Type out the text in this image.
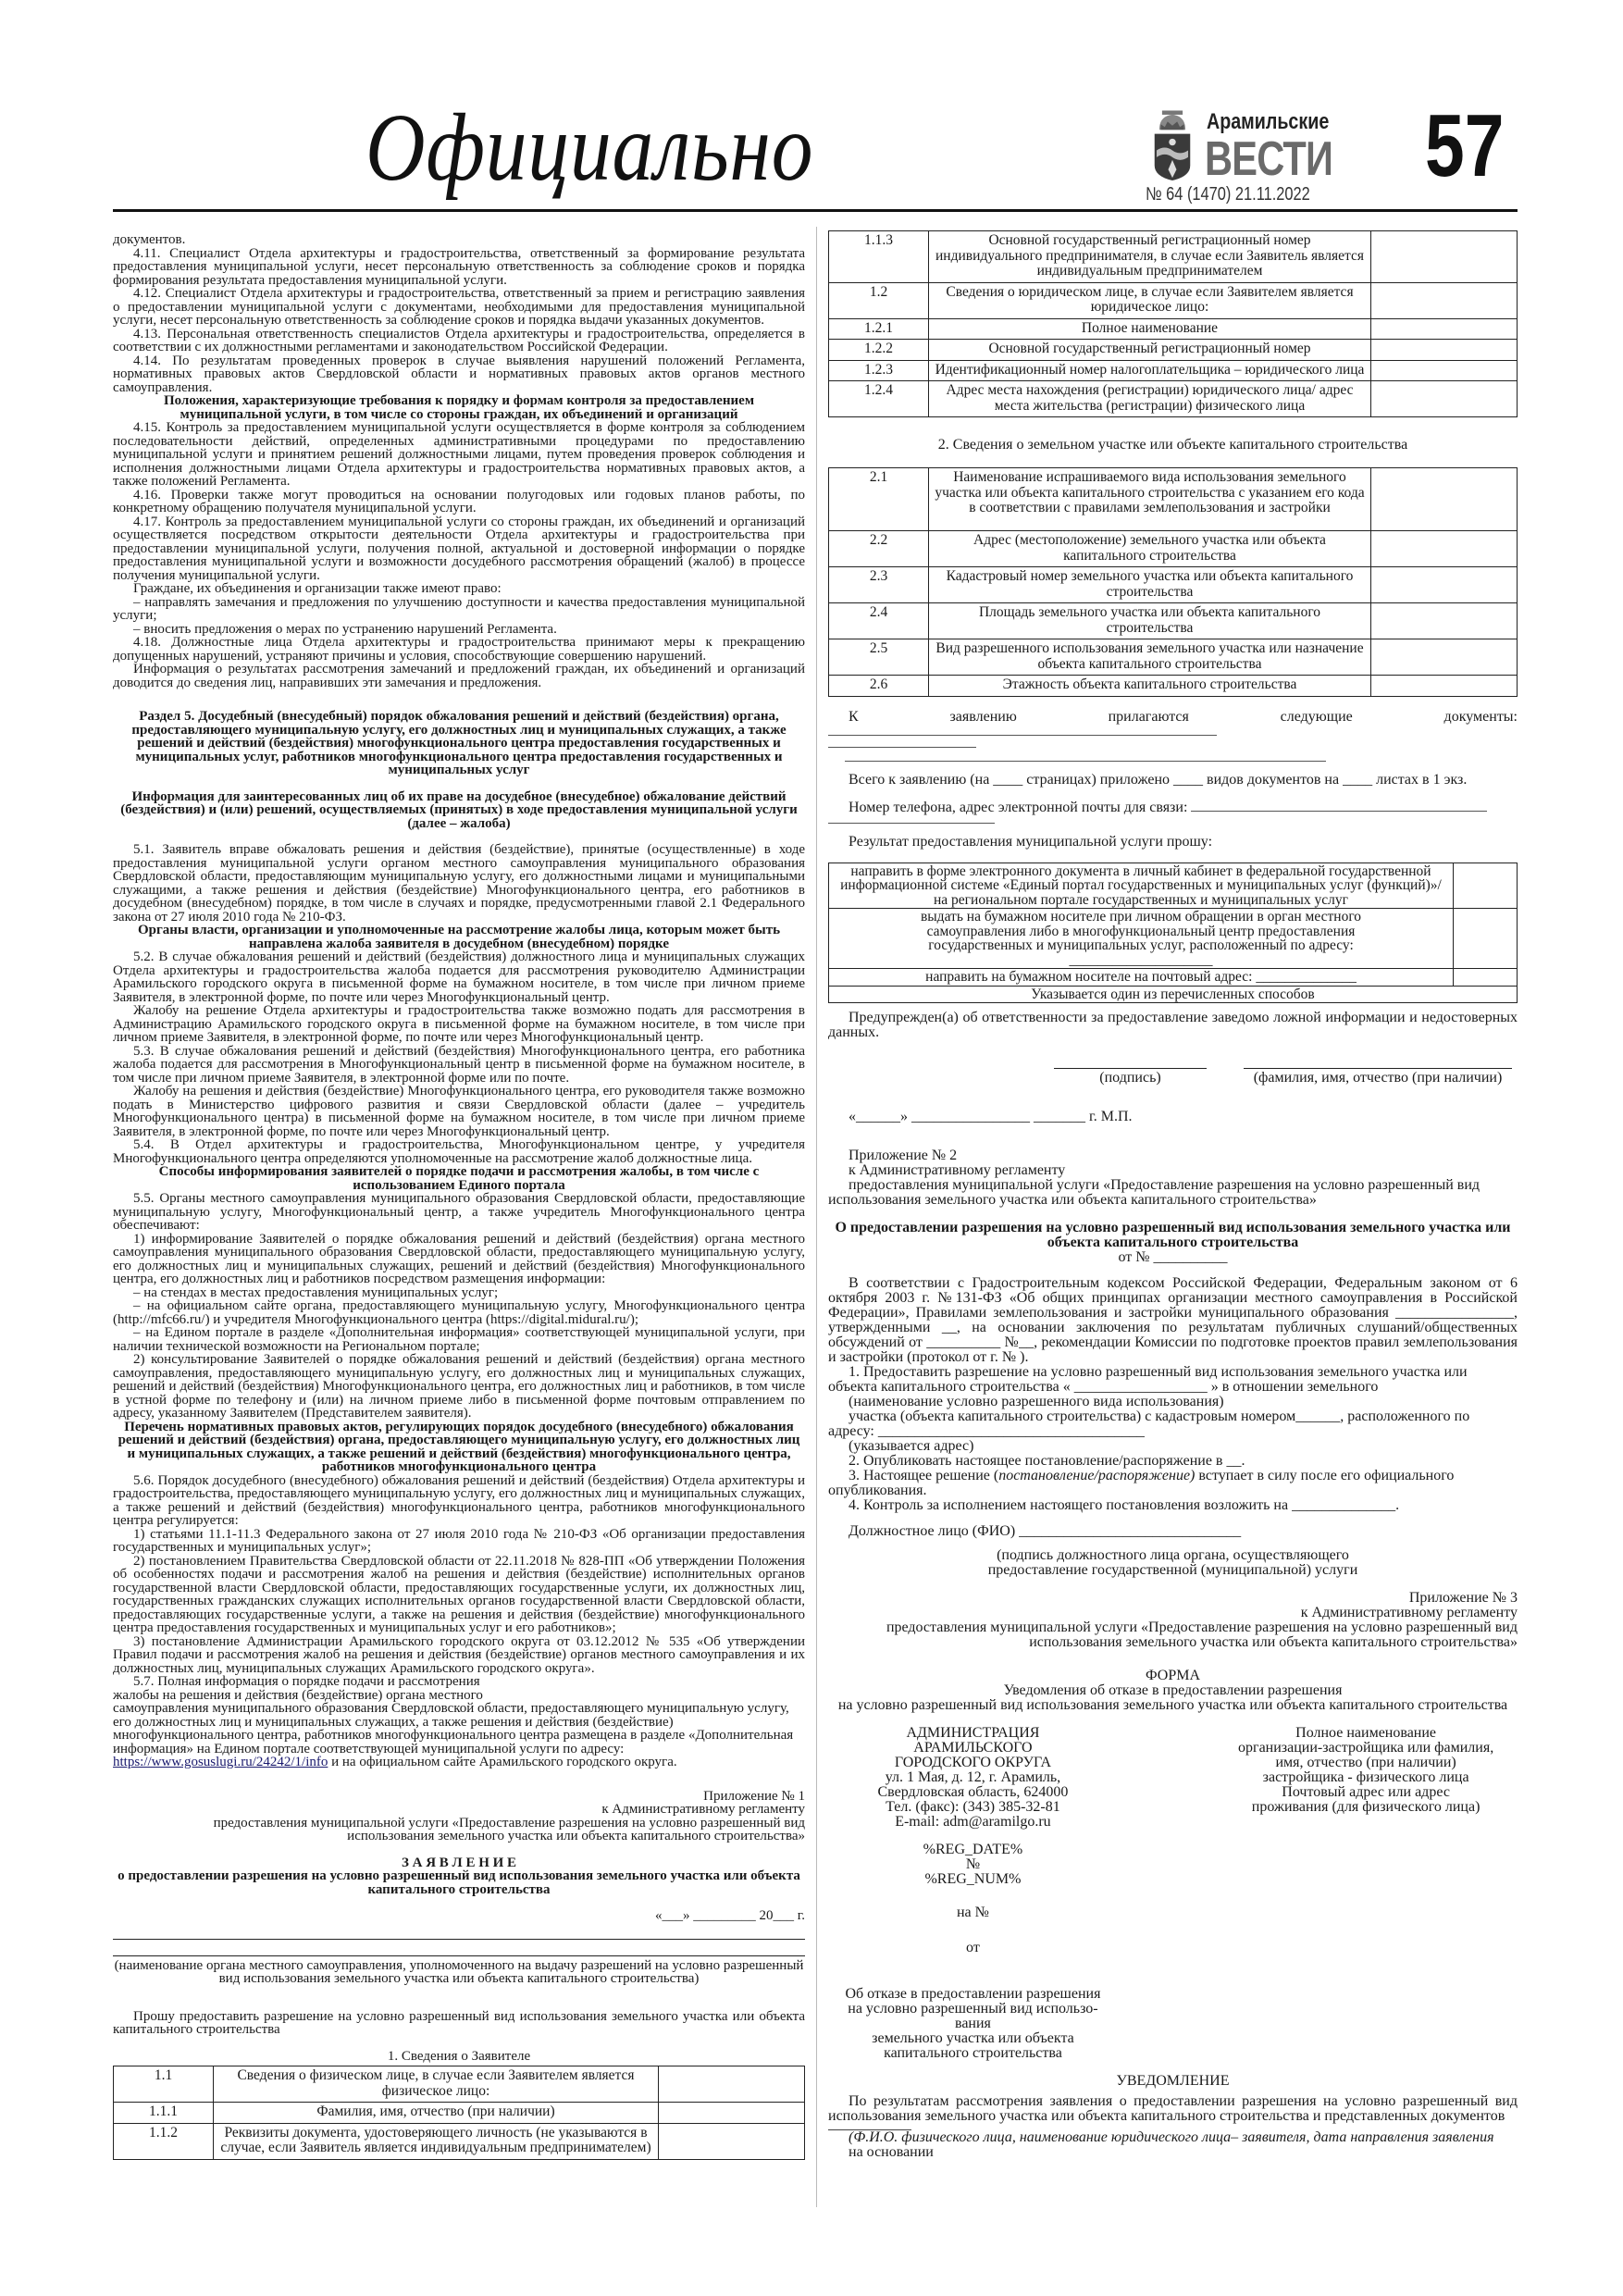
Официально	Арамильские
ВЕСТИ
№ 64 (1470) 21.11.2022 57

документов.

4.11. Специалист Отдела архитектуры и градостроительства, ответственный за формирование результата предоставления муниципальной услуги, несет персональную ответственность за соблюдение сроков и порядка формирования результата предоставления муниципальной услуги.

4.12. Специалист Отдела архитектуры и градостроительства, ответственный за прием и регистрацию заявления о предоставлении муниципальной услуги с документами, необходимыми для предоставления муниципальной услуги, несет персональную ответственность за соблюдение сроков и порядка выдачи указанных документов.

4.13. Персональная ответственность специалистов Отдела архитектуры и градостроительства, определяется в соответствии с их должностными регламентами и законодательством Российской Федерации.

4.14. По результатам проведенных проверок в случае выявления нарушений положений Регламента, нормативных правовых актов Свердловской области и нормативных правовых актов органов местного самоуправления.

Положения, характеризующие требования к порядку и формам контроля за предоставлением муниципальной услуги, в том числе со стороны граждан, их объединений и организаций

4.15. Контроль за предоставлением муниципальной услуги осуществляется в форме контроля за соблюдением последовательности действий, определенных административными процедурами по предоставлению муниципальной услуги и принятием решений должностными лицами, путем проведения проверок соблюдения и исполнения должностными лицами Отдела архитектуры и градостроительства нормативных правовых актов, а также положений Регламента.

4.16. Проверки также могут проводиться на основании полугодовых или годовых планов работы, по конкретному обращению получателя муниципальной услуги.

4.17. Контроль за предоставлением муниципальной услуги со стороны граждан, их объединений и организаций осуществляется посредством открытости деятельности Отдела архитектуры и градостроительства при предоставлении муниципальной услуги, получения полной, актуальной и достоверной информации о порядке предоставления муниципальной услуги и возможности досудебного рассмотрения обращений (жалоб) в процессе получения муниципальной услуги.

Граждане, их объединения и организации также имеют право:

– направлять замечания и предложения по улучшению доступности и качества предоставления муниципальной услуги;

– вносить предложения о мерах по устранению нарушений Регламента.

4.18. Должностные лица Отдела архитектуры и градостроительства принимают меры к прекращению допущенных нарушений, устраняют причины и условия, способствующие совершению нарушений.

Информация о результатах рассмотрения замечаний и предложений граждан, их объединений и организаций доводится до сведения лиц, направивших эти замечания и предложения.

Раздел 5. Досудебный (внесудебный) порядок обжалования решений и действий (бездействия) органа, предоставляющего муниципальную услугу, его должностных лиц и муниципальных служащих, а также решений и действий (бездействия) многофункционального центра предоставления государственных и муниципальных услуг, работников многофункционального центра предоставления государственных и муниципальных услуг

Информация для заинтересованных лиц об их праве на досудебное (внесудебное) обжалование действий (бездействия) и (или) решений, осуществляемых (принятых) в ходе предоставления муниципальной услуги (далее – жалоба)

5.1. Заявитель вправе обжаловать решения и действия (бездействие), принятые (осуществленные) в ходе предоставления муниципальной услуги органом местного самоуправления муниципального образования Свердловской области, предоставляющим муниципальную услугу, его должностными лицами и муниципальными служащими, а также решения и действия (бездействие) Многофункционального центра, его работников в досудебном (внесудебном) порядке, в том числе в случаях и порядке, предусмотренными главой 2.1 Федерального закона от 27 июля 2010 года № 210-ФЗ.

Органы власти, организации и уполномоченные на рассмотрение жалобы лица, которым может быть направлена жалоба заявителя в досудебном (внесудебном) порядке

5.2. В случае обжалования решений и действий (бездействия) должностного лица и муниципальных служащих Отдела архитектуры и градостроительства жалоба подается для рассмотрения руководителю Администрации Арамильского городского округа в письменной форме на бумажном носителе, в том числе при личном приеме Заявителя, в электронной форме, по почте или через Многофункциональный центр.

Жалобу на решение Отдела архитектуры и градостроительства также возможно подать для рассмотрения в Администрацию Арамильского городского округа в письменной форме на бумажном носителе, в том числе при личном приеме Заявителя, в электронной форме, по почте или через Многофункциональный центр.

5.3. В случае обжалования решений и действий (бездействия) Многофункционального центра, его работника жалоба подается для рассмотрения в Многофункциональный центр в письменной форме на бумажном носителе, в том числе при личном приеме Заявителя, в электронной форме или по почте.

Жалобу на решения и действия (бездействие) Многофункционального центра, его руководителя также возможно подать в Министерство цифрового развития и связи Свердловской области (далее – учредитель Многофункционального центра) в письменной форме на бумажном носителе, в том числе при личном приеме Заявителя, в электронной форме, по почте или через Многофункциональный центр.

5.4. В Отдел архитектуры и градостроительства, Многофункциональном центре, у учредителя Многофункционального центра определяются уполномоченные на рассмотрение жалоб должностные лица.

Способы информирования заявителей о порядке подачи и рассмотрения жалобы, в том числе с использованием Единого портала

5.5. Органы местного самоуправления муниципального образования Свердловской области, предоставляющие муниципальную услугу, Многофункциональный центр, а также учредитель Многофункционального центра обеспечивают:

1) информирование Заявителей о порядке обжалования решений и действий (бездействия) органа местного самоуправления муниципального образования Свердловской области, предоставляющего муниципальную услугу, его должностных лиц и муниципальных служащих, решений и действий (бездействия) Многофункционального центра, его должностных лиц и работников посредством размещения информации:

– на стендах в местах предоставления муниципальных услуг;

– на официальном сайте органа, предоставляющего муниципальную услугу, Многофункционального центра (http://mfc66.ru/) и учредителя Многофункционального центра (https://digital.midural.ru/);

– на Едином портале в разделе «Дополнительная информация» соответствующей муниципальной услуги, при наличии технической возможности на Региональном портале;

2) консультирование Заявителей о порядке обжалования решений и действий (бездействия) органа местного самоуправления, предоставляющего муниципальную услугу, его должностных лиц и муниципальных служащих, решений и действий (бездействия) Многофункционального центра, его должностных лиц и работников, в том числе в устной форме по телефону и (или) на личном приеме либо в письменной форме почтовым отправлением по адресу, указанному Заявителем (Представителем заявителя).

Перечень нормативных правовых актов, регулирующих порядок досудебного (внесудебного) обжалования решений и действий (бездействия) органа, предоставляющего муниципальную услугу, его должностных лиц и муниципальных служащих, а также решений и действий (бездействия) многофункционального центра, работников многофункционального центра

5.6. Порядок досудебного (внесудебного) обжалования решений и действий (бездействия) Отдела архитектуры и градостроительства, предоставляющего муниципальную услугу, его должностных лиц и муниципальных служащих, а также решений и действий (бездействия) многофункционального центра, работников многофункционального центра регулируется:

1) статьями 11.1-11.3 Федерального закона от 27 июля 2010 года № 210-ФЗ «Об организации предоставления государственных и муниципальных услуг»;

2) постановлением Правительства Свердловской области от 22.11.2018 № 828-ПП «Об утверждении Положения об особенностях подачи и рассмотрения жалоб на решения и действия (бездействие) исполнительных органов государственной власти Свердловской области, предоставляющих государственные услуги, их должностных лиц, государственных гражданских служащих исполнительных органов государственной власти Свердловской области, предоставляющих государственные услуги, а также на решения и действия (бездействие) многофункционального центра предоставления государственных и муниципальных услуг и его работников»;

3) постановление Администрации Арамильского городского округа от 03.12.2012 № 535 «Об утверждении Правил подачи и рассмотрения жалоб на решения и действия (бездействие) органов местного самоуправления и их должностных лиц, муниципальных служащих Арамильского городского округа».

5.7. Полная информация о порядке подачи и рассмотрения
жалобы на решения и действия (бездействие) органа местного

самоуправления муниципального образования Свердловской области, предоставляющего муниципальную услугу, его должностных лиц и муниципальных служащих, а также решения и действия (бездействие) многофункционального центра, работников многофункционального центра размещена в разделе «Дополнительная информация» на Едином портале соответствующей муниципальной услуги по адресу: https://www.gosuslugi.ru/24242/1/info и на официальном сайте Арамильского городского округа.

Приложение № 1

к Административному регламенту

предоставления муниципальной услуги «Предоставление разрешения на условно разрешенный вид

использования земельного участка или объекта капитального строительства»

З А Я В Л Е Н И Е

о предоставлении разрешения на условно разрешенный вид использования земельного участка или объекта капитального строительства

«___» _________ 20___ г.

(наименование органа местного самоуправления, уполномоченного на выдачу разрешений на условно разрешенный вид использования земельного участка или объекта капитального строительства)

Прошу предоставить разрешение на условно разрешенный вид использования земельного участка или объекта капитального строительства

1. Сведения о Заявителе

1.1	Сведения о физическом лице, в случае если Заявителем является физическое лицо:	
1.1.1	Фамилия, имя, отчество (при наличии)	
1.1.2	Реквизиты документа, удостоверяющего личность (не указываются в случае, если Заявитель является индивидуальным предпринимателем)	
1.1.3	Основной государственный регистрационный номер индивидуального предпринимателя, в случае если Заявитель является индивидуальным предпринимателем	
1.2	Сведения о юридическом лице, в случае если Заявителем является юридическое лицо:	
1.2.1	Полное наименование	
1.2.2	Основной государственный регистрационный номер	
1.2.3	Идентификационный номер налогоплательщика – юридического лица	
1.2.4	Адрес места нахождения (регистрации) юридического лица/ адрес места жительства (регистрации) физического лица	

2. Сведения о земельном участке или объекте капитального строительства

2.1	Наименование испрашиваемого вида использования земельного участка или объекта капитального строительства с указанием его кода в соответствии с правилами землепользования и застройки	
2.2	Адрес (местоположение) земельного участка или объекта капитального строительства	
2.3	Кадастровый номер земельного участка или объекта капитального строительства	
2.4	Площадь земельного участка или объекта капитального строительства	
2.5	Вид разрешенного использования земельного участка или назначение объекта капитального строительства	
2.6	Этажность объекта капитального строительства	

К заявлению прилагаются следующие документы:

Всего к заявлению (на ____ страницах) приложено ____ видов документов на ____ листах в 1 экз.

Номер телефона, адрес электронной почты для связи:

Результат предоставления муниципальной услуги прошу:

направить в форме электронного документа в личный кабинет в федеральной государственной информационной системе «Единый портал государственных и муниципальных услуг (функций)»/ на региональном портале государственных и муниципальных услуг	
выдать на бумажном носителе при личном обращении в орган местного самоуправления либо в многофункциональный центр предоставления государственных и муниципальных услуг, расположенный по адресу: ____________________	
направить на бумажном носителе на почтовый адрес: ______________	
Указывается один из перечисленных способов	

Предупрежден(а) об ответственности за предоставление заведомо ложной информации и недостоверных данных.

(подпись)	(фамилия, имя, отчество (при наличии)

«______» ________________ _______ г. М.П.

Приложение № 2

к Административному регламенту

предоставления муниципальной услуги «Предоставление разрешения на условно разрешенный вид

использования земельного участка или объекта капитального строительства»

О предоставлении разрешения на условно разрешенный вид использования земельного участка или объекта капитального строительства

от № __________

В соответствии с Градостроительным кодексом Российской Федерации, Федеральным законом от 6 октября 2003 г. №131-ФЗ «Об общих принципах организации местного самоуправления в Российской Федерации», Правилами землепользования и застройки муниципального образования ________________, утвержденными __, на основании заключения по результатам публичных слушаний/общественных обсуждений от __________ №__, рекомендации Комиссии по подготовке проектов правил землепользования и застройки (протокол от г. № ).

1. Предоставить разрешение на условно разрешенный вид использования земельного участка или объекта капитального строительства « __________________ » в отношении земельного

(наименование условно разрешенного вида использования)

участка (объекта капитального строительства) с кадастровым номером______, расположенного по адресу: ____________________________________

(указывается адрес)

2. Опубликовать настоящее постановление/распоряжение в __.

3. Настоящее решение (постановление/распоряжение) вступает в силу после его официального опубликования.

4. Контроль за исполнением настоящего постановления возложить на ______________.

Должностное лицо (ФИО) ______________________________

(подпись должностного лица органа, осуществляющего

предоставление государственной (муниципальной) услуги

Приложение № 3

к Административному регламенту

предоставления муниципальной услуги «Предоставление разрешения на условно разрешенный вид

использования земельного участка или объекта капитального строительства»

ФОРМА

Уведомления об отказе в предоставлении разрешения

на условно разрешенный вид использования земельного участка или объекта капитального строительства

АДМИНИСТРАЦИЯ
АРАМИЛЬСКОГО
ГОРОДСКОГО ОКРУГА
ул. 1 Мая, д. 12, г. Арамиль,
Свердловская область, 624000
Тел. (факс): (343) 385-32-81
E-mail: adm@aramilgo.ru
%REG_DATE%
№
%REG_NUM%
на №
от
Об отказе в предоставлении разрешения
на условно разрешенный вид использо-
вания
земельного участка или объекта
капитального строительства
Полное наименование
организации-застройщика или фамилия,
имя, отчество (при наличии)
застройщика - физического лица
Почтовый адрес или адрес
проживания (для физического лица)

УВЕДОМЛЕНИЕ

По результатам рассмотрения заявления о предоставлении разрешения на условно разрешенный вид использования земельного участка или объекта капитального строительства и представленных документов

(Ф.И.О. физического лица, наименование юридического лица– заявителя, дата направления заявления

на основании
